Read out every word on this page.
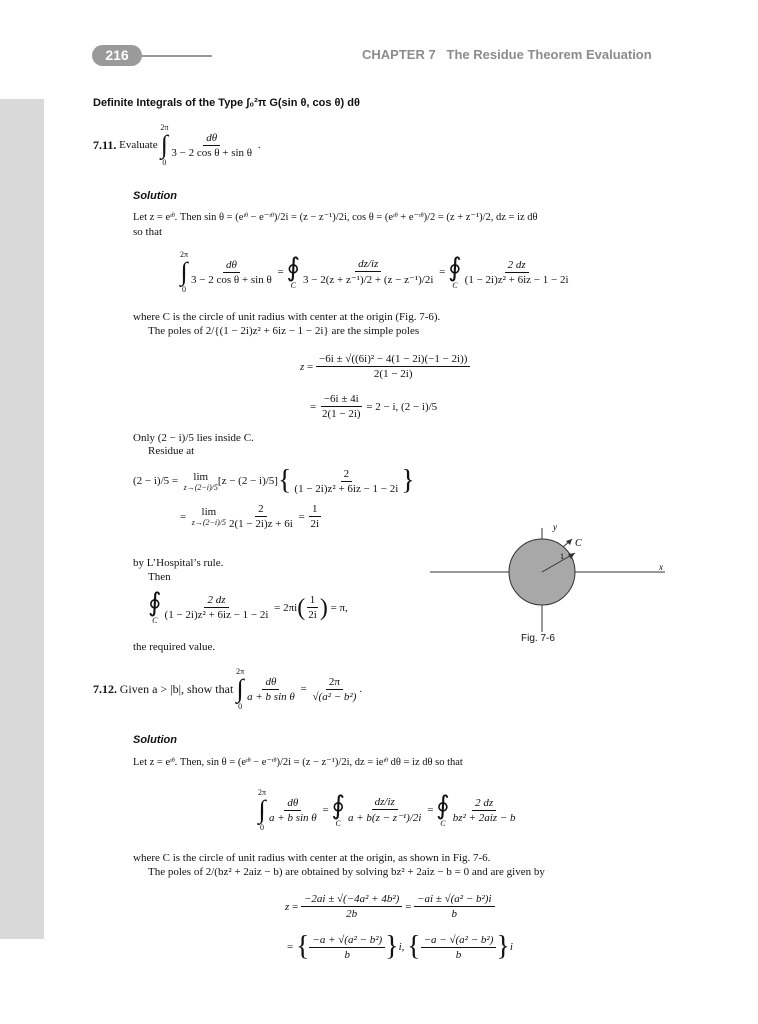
216	CHAPTER 7 The Residue Theorem Evaluation
Definite Integrals of the Type ∫₀²π G(sin θ, cos θ) dθ
7.11.
Evaluate

2π
∫
0
$\frac{d\theta}{\text{3 − 2 cos θ + sin θ}}$ .
Solution
Let z = eᶦᶿ. Then sin θ = (eᶦᶿ − e⁻ᶦᶿ)/2i = (z − z⁻¹)/2i, cos θ = (eᶦᶿ + e⁻ᶦᶿ)/2 = (z + z⁻¹)/2, dz = iz dθ
so that
2π
∫
0
$\frac{d\theta}{\text{3 − 2 cos θ + sin θ}}$ = ∮
C $\frac{dz/iz}{\text{3 − 2(z + z⁻¹)/2 + (z − z⁻¹)/2i}}$ = ∮
C $\frac{2 dz}{\text{(1 − 2i)z² + 6iz − 1 − 2i}}$
where C is the circle of unit radius with center at the origin (Fig. 7-6).
The poles of 2/{(1 − 2i)z² + 6iz − 1 − 2i} are the simple poles
$z = \frac{\text{−6i ± √((6i)² − 4(1 − 2i)(−1 − 2i))}}{2(1 - 2i)}$
= $\frac{-6i \pm 4i}{2(1 - 2i)}$
= 2 − i, (2 − i)/5
Only (2 − i)/5 lies inside C.
Residue at
(2 − i)/5 =
lim
z→(2−i)/5 [z − (2 − i)/5] { $\frac{2}{\text{(1 − 2i)z² + 6iz − 1 − 2i}}$ }
= lim
$z\to(2-i)/5 \frac{2}{2(1 - 2i)z + 6i} = \frac{1}{2i}$
by L’Hospital’s rule.
Then
∮
C $\frac{2 dz}{\text{(1 − 2i)z² + 6iz − 1 − 2i}}$
= 2πi ( $\frac{1}{2i}$ )
= π,
the required value.
y
x
C
1
Fig. 7-6
7.12.
Given a > |b|, show that

2π
∫
0
$\frac{d\theta}{\text{a + b sin θ}} = \frac{2\pi}{\text{√(a² − b²)}}$ .
Solution
Let z = eᶦᶿ. Then, sin θ = (eᶦᶿ − e⁻ᶦᶿ)/2i = (z − z⁻¹)/2i, dz = ieᶦᶿ dθ = iz dθ so that
2π
∫
0
$\frac{d\theta}{\text{a + b sin θ}}$ = ∮
C $\frac{dz/iz}{\text{a + b(z − z⁻¹)/2i}}$ = ∮
C $\frac{2 dz}{\text{bz² + 2aiz − b}}$
where C is the circle of unit radius with center at the origin, as shown in Fig. 7-6.
The poles of 2/(bz² + 2aiz − b) are obtained by solving bz² + 2aiz − b = 0 and are given by
$z = \frac{\text{−2ai ± √(−4a² + 4b²)}}{2b} = \frac{\text{−ai ± √(a² − b²)i}}{b}$
= { $\frac{\text{−a + √(a² − b²)}}{b}$ } i , { $\frac{\text{−a − √(a² − b²)}}{b}$ } i
